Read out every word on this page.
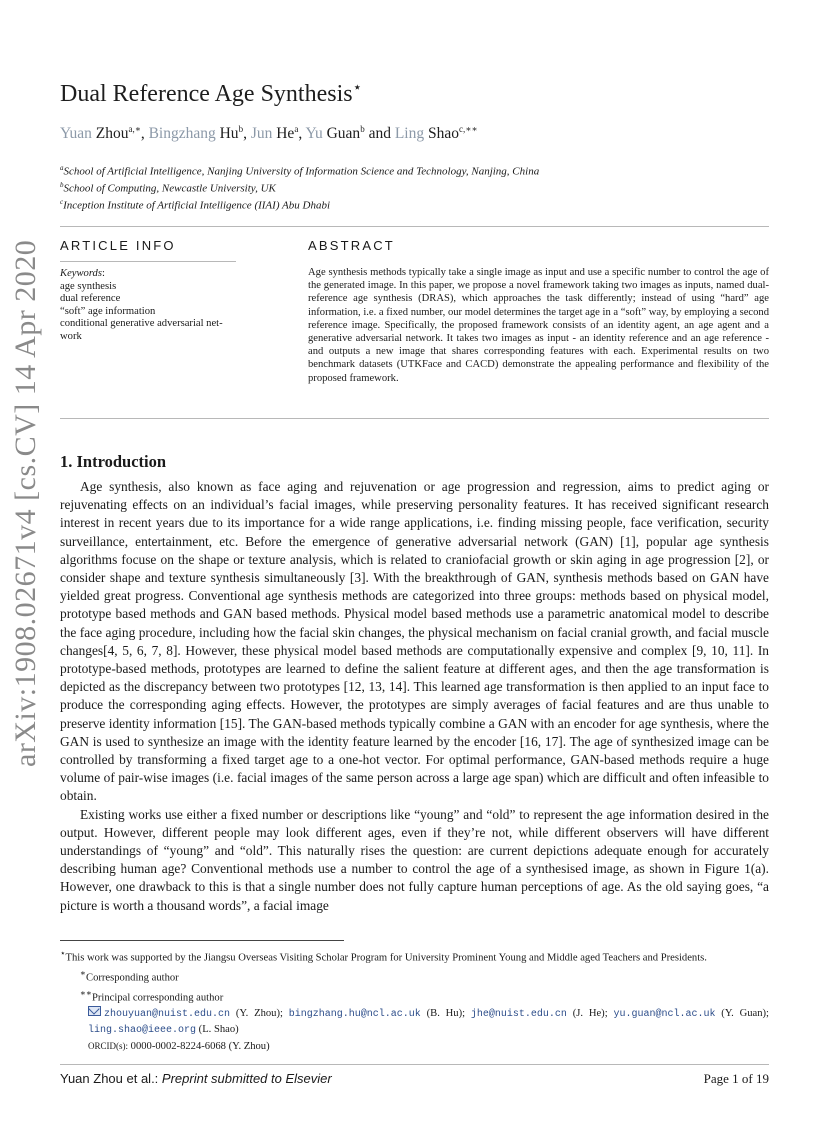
arXiv:1908.02671v4 [cs.CV] 14 Apr 2020
Dual Reference Age Synthesis⋆
Yuan Zhou$^{a,∗}$, Bingzhang Hu$^b$, Jun He$^a$, Yu Guan$^b$ and Ling Shao$^{c,∗∗}$
$^a$School of Artificial Intelligence, Nanjing University of Information Science and Technology, Nanjing, China
$^b$School of Computing, Newcastle University, UK
$^c$Inception Institute of Artificial Intelligence (IIAI) Abu Dhabi
ARTICLE INFO
Keywords:
age synthesis
dual reference
“soft” age information
conditional generative adversarial net-
work
ABSTRACT
Age synthesis methods typically take a single image as input and use a specific number to control the age of the generated image. In this paper, we propose a novel framework taking two images as inputs, named dual-reference age synthesis (DRAS), which approaches the task differently; instead of using “hard” age information, i.e. a fixed number, our model determines the target age in a “soft” way, by employing a second reference image. Specifically, the proposed framework consists of an identity agent, an age agent and a generative adversarial network. It takes two images as input - an identity reference and an age reference - and outputs a new image that shares corresponding features with each. Experimental results on two benchmark datasets (UTKFace and CACD) demonstrate the appealing performance and flexibility of the proposed framework.
1. Introduction

Age synthesis, also known as face aging and rejuvenation or age progression and regression, aims to predict aging or rejuvenating effects on an individual’s facial images, while preserving personality features. It has received significant research interest in recent years due to its importance for a wide range applications, i.e. finding missing people, face verification, security surveillance, entertainment, etc. Before the emergence of generative adversarial network (GAN) [1], popular age synthesis algorithms focuse on the shape or texture analysis, which is related to craniofacial growth or skin aging in age progression [2], or consider shape and texture synthesis simultaneously [3]. With the breakthrough of GAN, synthesis methods based on GAN have yielded great progress. Conventional age synthesis methods are categorized into three groups: methods based on physical model, prototype based methods and GAN based methods. Physical model based methods use a parametric anatomical model to describe the face aging procedure, including how the facial skin changes, the physical mechanism on facial cranial growth, and facial muscle changes[4, 5, 6, 7, 8]. However, these physical model based methods are computationally expensive and complex [9, 10, 11]. In prototype-based methods, prototypes are learned to define the salient feature at different ages, and then the age transformation is depicted as the discrepancy between two prototypes [12, 13, 14]. This learned age transformation is then applied to an input face to produce the corresponding aging effects. However, the prototypes are simply averages of facial features and are thus unable to preserve identity information [15]. The GAN-based methods typically combine a GAN with an encoder for age synthesis, where the GAN is used to synthesize an image with the identity feature learned by the encoder [16, 17]. The age of synthesized image can be controlled by transforming a fixed target age to a one-hot vector. For optimal performance, GAN-based methods require a huge volume of pair-wise images (i.e. facial images of the same person across a large age span) which are difficult and often infeasible to obtain.

Existing works use either a fixed number or descriptions like “young” and “old” to represent the age information desired in the output. However, different people may look different ages, even if they’re not, while different observers will have different understandings of “young” and “old”. This naturally rises the question: are current depictions adequate enough for accurately describing human age? Conventional methods use a number to control the age of a synthesised image, as shown in Figure 1(a). However, one drawback to this is that a single number does not fully capture human perceptions of age. As the old saying goes, “a picture is worth a thousand words”, a facial image

⋆This work was supported by the Jiangsu Overseas Visiting Scholar Program for University Prominent Young and Middle aged Teachers and Presidents.

∗Corresponding author

∗∗Principal corresponding author

zhouyuan@nuist.edu.cn (Y. Zhou); bingzhang.hu@ncl.ac.uk (B. Hu); jhe@nuist.edu.cn (J. He); yu.guan@ncl.ac.uk (Y. Guan); ling.shao@ieee.org (L. Shao)

ORCID(s): 0000-0002-8224-6068 (Y. Zhou)

Yuan Zhou et al.: Preprint submitted to Elsevier	Page 1 of 19
